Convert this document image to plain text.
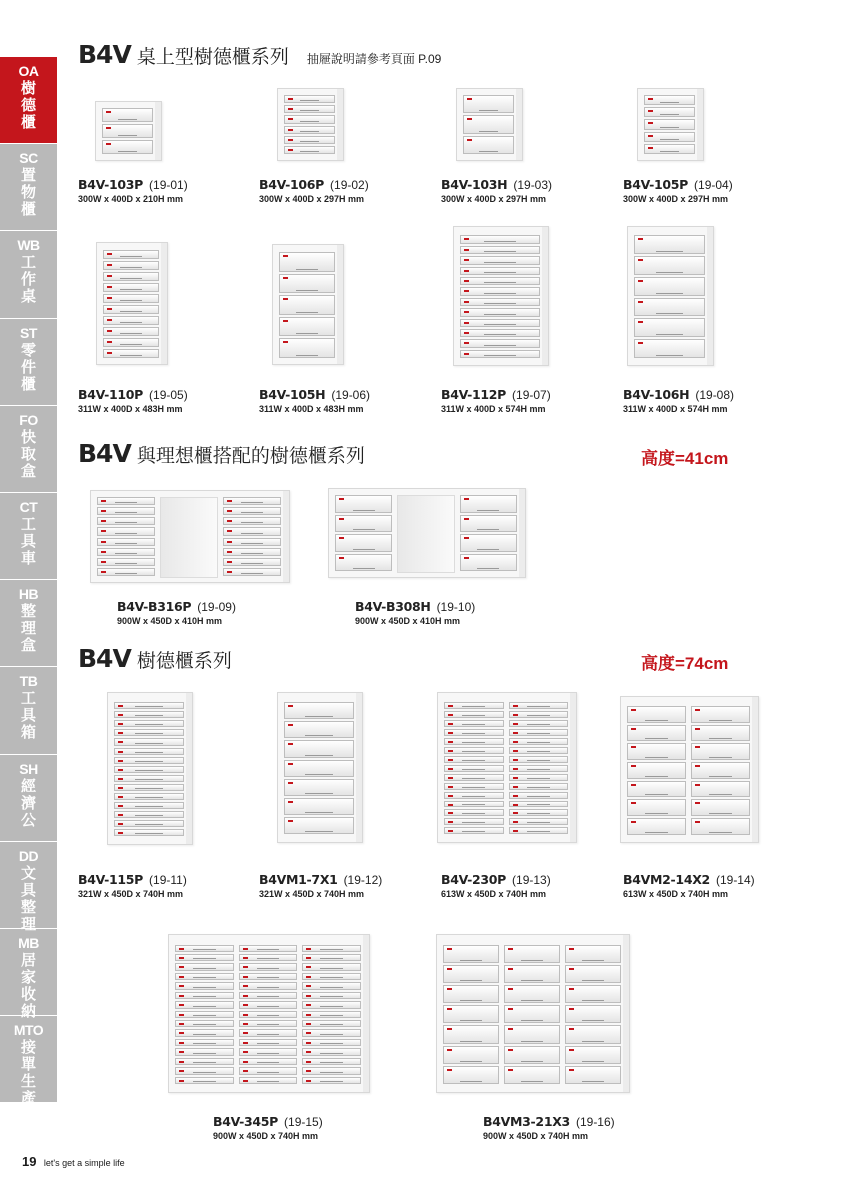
OA
樹德櫃
SC
置物櫃
WB
工作桌
ST
零件櫃
FO
快取盒
CT
工具車
HB
整理盒
TB
工具箱
SH
經濟公
DD
文具整理
MB
居家收納
MTO
接單生產
B4V 桌上型樹德櫃系列 抽屜說明請參考頁面 P.09
B4V 與理想櫃搭配的樹德櫃系列	高度=41cm
B4V 樹德櫃系列	高度=74cm
B4V-103P (19-01)
300W x 400D x 210H mm
B4V-106P (19-02)
300W x 400D x 297H mm
B4V-103H (19-03)
300W x 400D x 297H mm
B4V-105P (19-04)
300W x 400D x 297H mm
B4V-110P (19-05)
311W x 400D x 483H mm
B4V-105H (19-06)
311W x 400D x 483H mm
B4V-112P (19-07)
311W x 400D x 574H mm
B4V-106H (19-08)
311W x 400D x 574H mm
B4V-B316P (19-09)
900W x 450D x 410H mm
B4V-B308H (19-10)
900W x 450D x 410H mm
B4V-115P (19-11)
321W x 450D x 740H mm
B4VM1-7X1 (19-12)
321W x 450D x 740H mm
B4V-230P (19-13)
613W x 450D x 740H mm
B4VM2-14X2 (19-14)
613W x 450D x 740H mm
B4V-345P (19-15)
900W x 450D x 740H mm
B4VM3-21X3 (19-16)
900W x 450D x 740H mm
19 let's get a simple life
